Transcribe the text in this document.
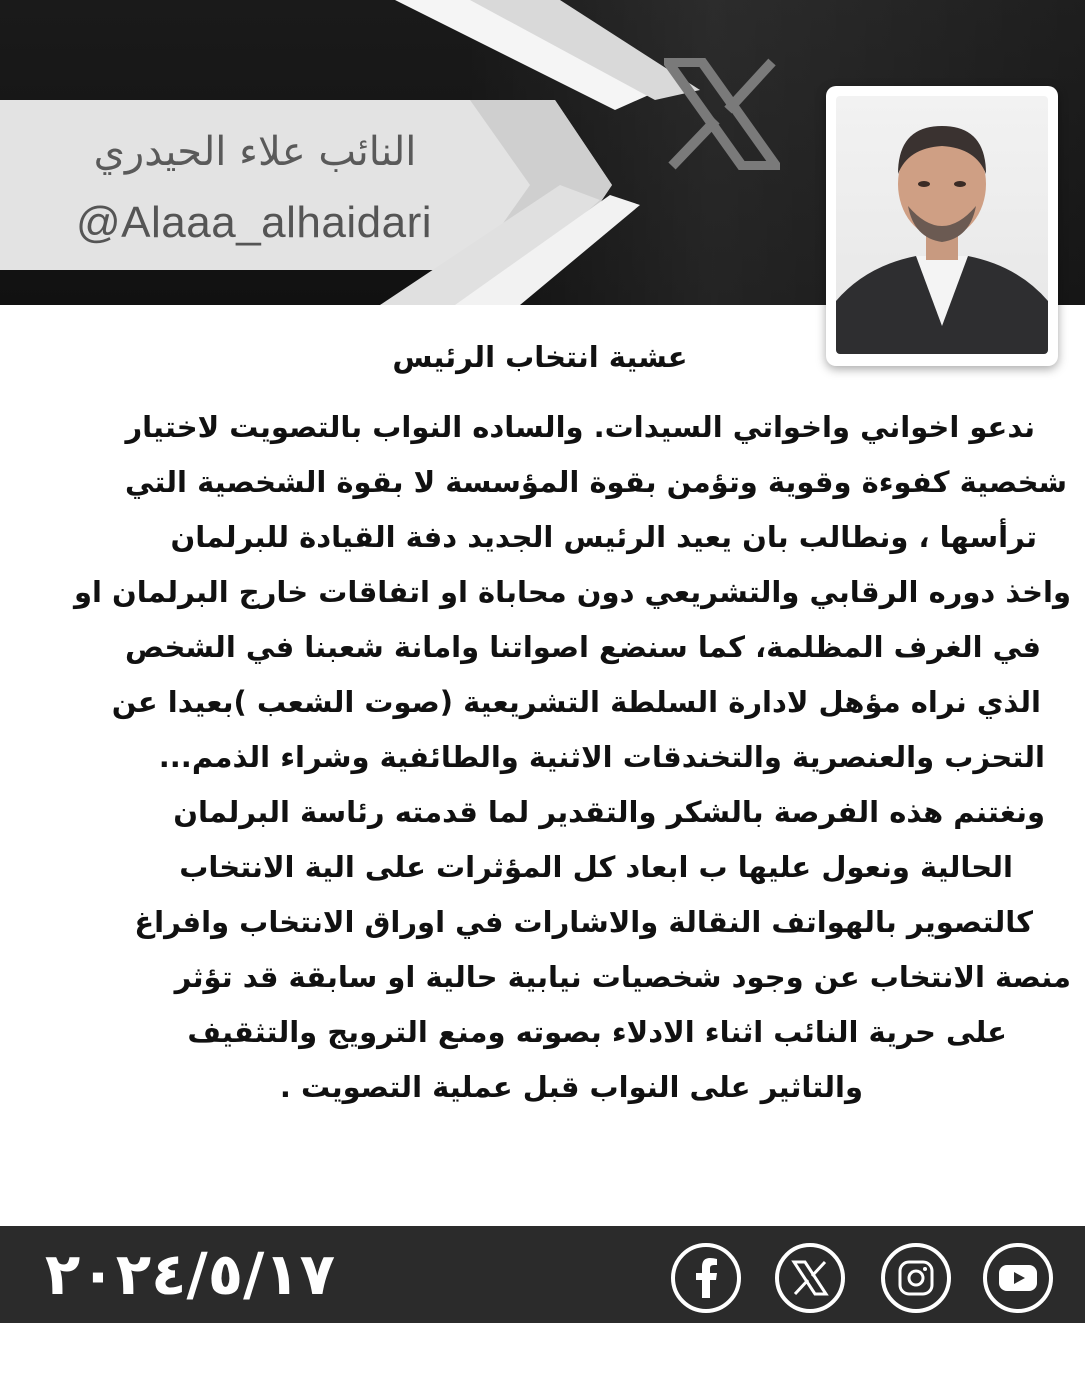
النائب علاء الحيدري
@Alaaa_alhaidari
عشية انتخاب الرئيس
ندعو اخواني واخواتي السيدات. والساده النواب بالتصويت لاختيار
شخصية كفوءة وقوية وتؤمن بقوة المؤسسة لا بقوة الشخصية التي
ترأسها ، ونطالب بان يعيد الرئيس الجديد دفة القيادة للبرلمان
واخذ دوره الرقابي والتشريعي دون محاباة او اتفاقات خارج البرلمان او
في الغرف المظلمة، كما سنضع اصواتنا وامانة شعبنا في الشخص
الذي نراه مؤهل لادارة السلطة التشريعية (صوت الشعب )بعيدا عن
التحزب والعنصرية والتخندقات الاثنية والطائفية وشراء الذمم...
ونغتنم هذه الفرصة بالشكر والتقدير لما قدمته رئاسة البرلمان
الحالية ونعول عليها ب ابعاد كل المؤثرات على الية الانتخاب
كالتصوير بالهواتف النقالة والاشارات في اوراق الانتخاب وافراغ
منصة الانتخاب عن وجود شخصيات نيابية حالية او سابقة قد تؤثر
على حرية النائب اثناء الادلاء بصوته ومنع الترويج والتثقيف
والتاثير على النواب قبل عملية التصويت .
٢٠٢٤/٥/١٧
